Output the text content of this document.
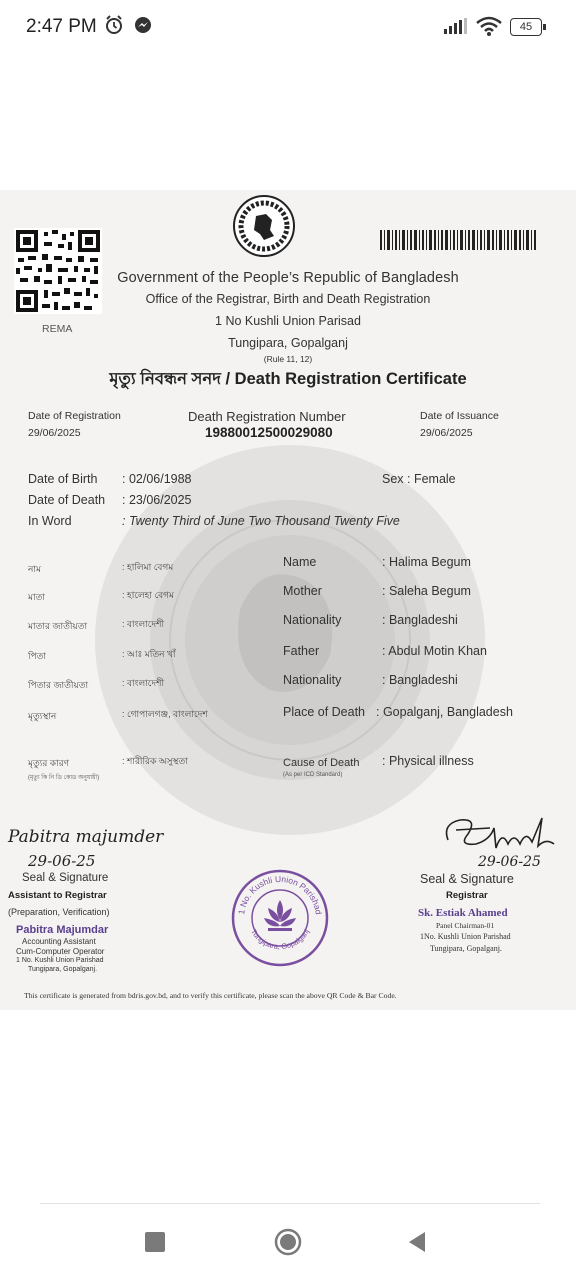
2:47 PM	45
REMA
Government of the People’s Republic of Bangladesh
Office of the Registrar, Birth and Death Registration
1 No Kushli Union Parisad
Tungipara, Gopalganj
(Rule 11, 12)
মৃত্যু নিবন্ধন সনদ / Death Registration Certificate
Date of Registration
29/06/2025
Death Registration Number
19880012500029080
Date of Issuance
29/06/2025
Date of Birth : 02/06/1988
Date of Death : 23/06/2025
In Word	: Twenty Third of June Two Thousand Twenty Five
Sex : Female
নাম	: হালিমা বেগম
মাতা	: হালেহা বেগম
মাতার জাতীয়তা	: বাংলাদেশী
পিতা	: আঃ মতিন খাঁ
পিতার জাতীয়তা	: বাংলাদেশী
মৃত্যুস্থান	: গোপালগঞ্জ, বাংলাদেশ
মৃত্যুর কারণ
(মৃত্যু কি নি ডি কোড অনুযায়ী)
: শারীরিক অসুস্থতা
Name	: Halima Begum
Mother	: Saleha Begum
Nationality	: Bangladeshi
Father	: Abdul Motin Khan
Nationality	: Bangladeshi
Place of Death : Gopalganj, Bangladesh
Cause of Death
(As per ICD Standard)
: Physical illness
Pabitra majumder
29-06-25
Seal & Signature
Assistant to Registrar
(Preparation, Verification)
Pabitra Majumdar
Accounting Assistant
Cum-Computer Operator
1 No. Kushli Union Parishad
Tungipara, Gopalganj.
1 No. Kushli Union Parishad
Tungipara, Gopalganj
29-06-25
Seal & Signature
Registrar
Sk. Estiak Ahamed
Panel Chairman-01
1No. Kushli Union Parishad
Tungipara, Gopalganj.
This certificate is generated from bdris.gov.bd, and to verify this certificate, please scan the above QR Code & Bar Code.
